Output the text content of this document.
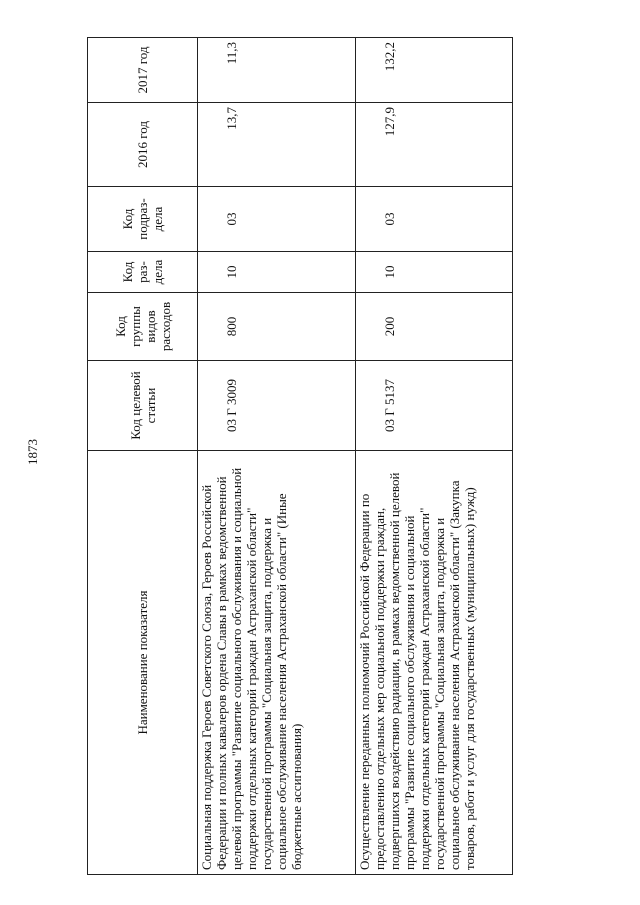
1873
Наименование показателя	Код целевой статьи	Код группы видов расходов	Код раз-дела	Код подраз-дела	2016 год	2017 год
Социальная поддержка Героев Советского Союза, Героев Российской Федерации и полных кавалеров ордена Славы в рамках ведомственной целевой программы "Развитие социального обслуживания и социальной поддержки отдельных категорий граждан Астраханской области" государственной программы "Социальная защита, поддержка и социальное обслуживание населения Астраханской области" (Иные бюджетные ассигнования)	03 Г 3009	800	10	03	13,7	11,3
Осуществление переданных полномочий Российской Федерации по предоставлению отдельных мер социальной поддержки граждан, подвергшихся воздействию радиации, в рамках ведомственной целевой программы "Развитие социального обслуживания и социальной поддержки отдельных категорий граждан Астраханской области" государственной программы "Социальная защита, поддержка и социальное обслуживание населения Астраханской области" (Закупка товаров, работ и услуг для государственных (муниципальных) нужд)	03 Г 5137	200	10	03	127,9	132,2
